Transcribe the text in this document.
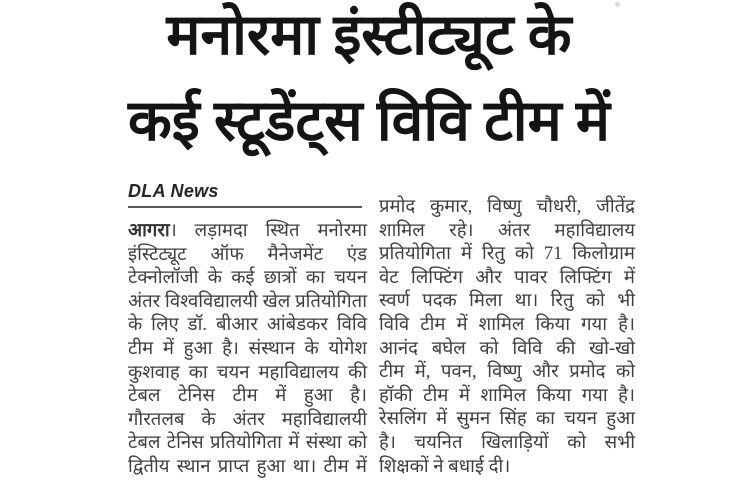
मनोरमा इंस्टीट्यूट के
कई स्टूडेंट्स विवि टीम में
DLA News
आगरा। लड़ामदा स्थित मनोरमा
इंस्टिट्यूट ऑफ मैनेजमेंट एंड
टेक्नोलॉजी के कई छात्रों का चयन
अंतर विश्वविद्यालयी खेल प्रतियोगिता
के लिए डॉ. बीआर आंबेडकर विवि
टीम में हुआ है। संस्थान के योगेश
कुशवाह का चयन महाविद्यालय की
टेबल टेनिस टीम में हुआ है।
गौरतलब के अंतर महाविद्यालयी
टेबल टेनिस प्रतियोगिता में संस्था को
द्वितीय स्थान प्राप्त हुआ था। टीम में
प्रमोद कुमार, विष्णु चौधरी, जीतेंद्र
शामिल रहे। अंतर महाविद्यालय
प्रतियोगिता में रितु को 71 किलोग्राम
वेट लिफ्टिंग और पावर लिफ्टिंग में
स्वर्ण पदक मिला था। रितु को भी
विवि टीम में शामिल किया गया है।
आनंद बघेल को विवि की खो-खो
टीम में, पवन, विष्णु और प्रमोद को
हॉकी टीम में शामिल किया गया है।
रेसलिंग में सुमन सिंह का चयन हुआ
है। चयनित खिलाड़ियों को सभी
शिक्षकों ने बधाई दी।
